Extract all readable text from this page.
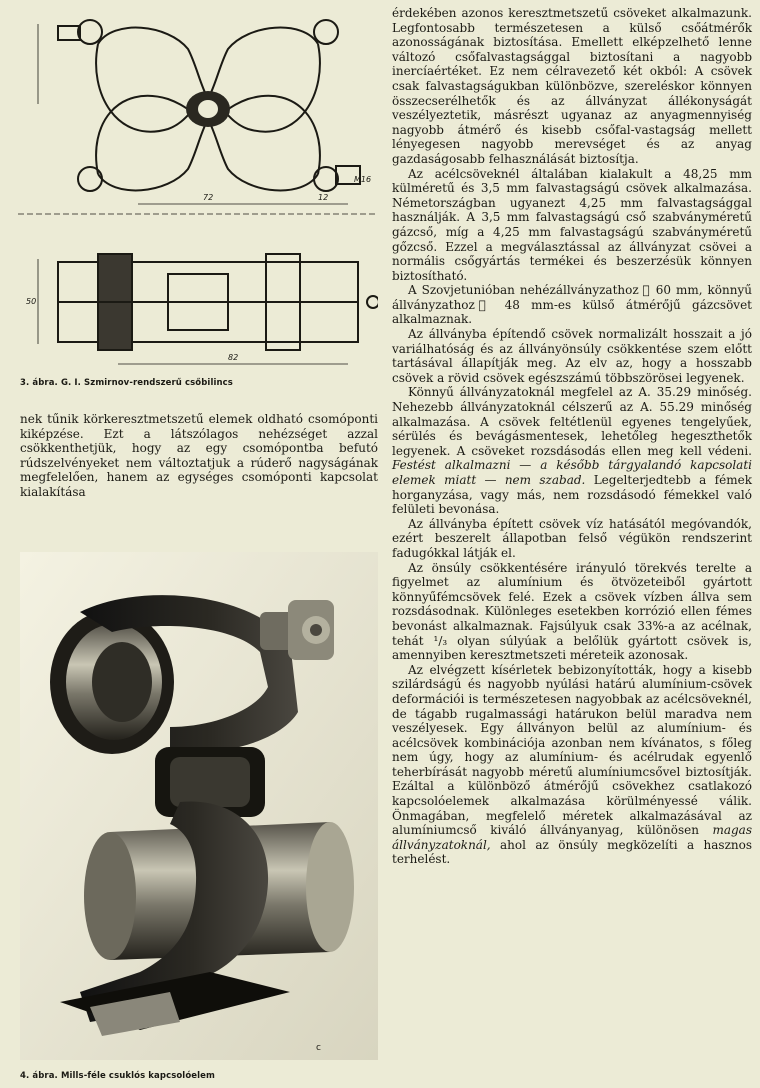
72	12
82
50
M16
3. ábra. G. I. Szmirnov-rendszerű csőbilincs

nek tűnik körkeresztmetszetű elemek oldható csomóponti kiképzése. Ezt a látszólagos nehézséget azzal csökkenthetjük, hogy az egy csomópontba befutó rúdszelvényeket nem változtatjuk a rúderő nagyságának megfelelően, hanem az egységes csomóponti kapcsolat kialakítása

c
4. ábra. Mills-féle csuklós kapcsolóelem

érdekében azonos keresztmetszetű csöveket alkalmazunk. Legfontosabb természetesen a külső csőátmérők azonosságának biztosítása. Emellett elképzelhető lenne változó csőfalvastagsággal biztosítani a nagyobb inercíaértéket. Ez nem célravezető két okból: A csövek csak falvastagságukban különbözve, szereléskor könnyen összecserélhetők és az állványzat állékonyságát veszélyeztetik, másrészt ugyanaz az anyagmennyiség nagyobb átmérő és kisebb csőfal-vastagság mellett lényegesen nagyobb merevséget és az anyag gazdaságosabb felhasználását biztosítja.

Az acélcsöveknél általában kialakult a 48,25 mm külméretű és 3,5 mm falvastagságú csövek alkalmazása. Németországban ugyanezt 4,25 mm falvastagsággal használják. A 3,5 mm falvastagságú cső szabványméretű gázcső, míg a 4,25 mm falvastagságú szabványméretű gőzcső. Ezzel a megválasztással az állványzat csövei a normális csőgyártás termékei és beszerzésük könnyen biztosítható.

A Szovjetunióban nehézállványzathoz ⃠ 60 mm, könnyű állványzathoz ⃠ 48 mm-es külső átmérőjű gázcsövet alkalmaznak.

Az állványba építendő csövek normalizált hosszait a jó variálhatóság és az állványönsúly csökkentése szem előtt tartásával állapítják meg. Az elv az, hogy a hosszabb csövek a rövid csövek egészszámú többszörösei legyenek.

Könnyű állványzatoknál megfelel az A. 35.29 minőség. Nehezebb állványzatoknál célszerű az A. 55.29 minőség alkalmazása. A csövek feltétlenül egyenes tengelyűek, sérülés és bevágásmentesek, lehetőleg hegeszthetők legyenek. A csöveket rozsdásodás ellen meg kell védeni. Festést alkalmazni — a később tárgyalandó kapcsolati elemek miatt — nem szabad. Legelterjedtebb a fémek horganyzása, vagy más, nem rozsdásodó fémekkel való felületi bevonása.

Az állványba épített csövek víz hatásától megóvandók, ezért beszerelt állapotban felső végükön rendszerint fadugókkal látják el.

Az önsúly csökkentésére irányuló törekvés terelte a figyelmet az alumínium és ötvözeteiből gyártott könnyűfémcsövek felé. Ezek a csövek vízben állva sem rozsdásodnak. Különleges esetekben korrózió ellen fémes bevonást alkalmaznak. Fajsúlyuk csak 33%-a az acélnak, tehát ¹/₃ olyan súlyúak a belőlük gyártott csövek is, amennyiben keresztmetszeti méreteik azonosak.

Az elvégzett kísérletek bebizonyították, hogy a kisebb szilárdságú és nagyobb nyúlási határú alumínium-csövek deformációi is természetesen nagyobbak az acélcsöveknél, de tágabb rugalmassági határukon belül maradva nem veszélyesek. Egy állványon belül az alumínium- és acélcsövek kombinációja azonban nem kívánatos, s főleg nem úgy, hogy az alumínium- és acélrudak egyenlő teherbírását nagyobb méretű alumíniumcsővel biztosítják. Ezáltal a különböző átmérőjű csövekhez csatlakozó kapcsolóelemek alkalmazása körülményessé válik. Önmagában, megfelelő méretek alkalmazásával az alumíniumcső kiváló állványanyag, különösen magas állványzatoknál, ahol az önsúly megközelíti a hasznos terhelést.
